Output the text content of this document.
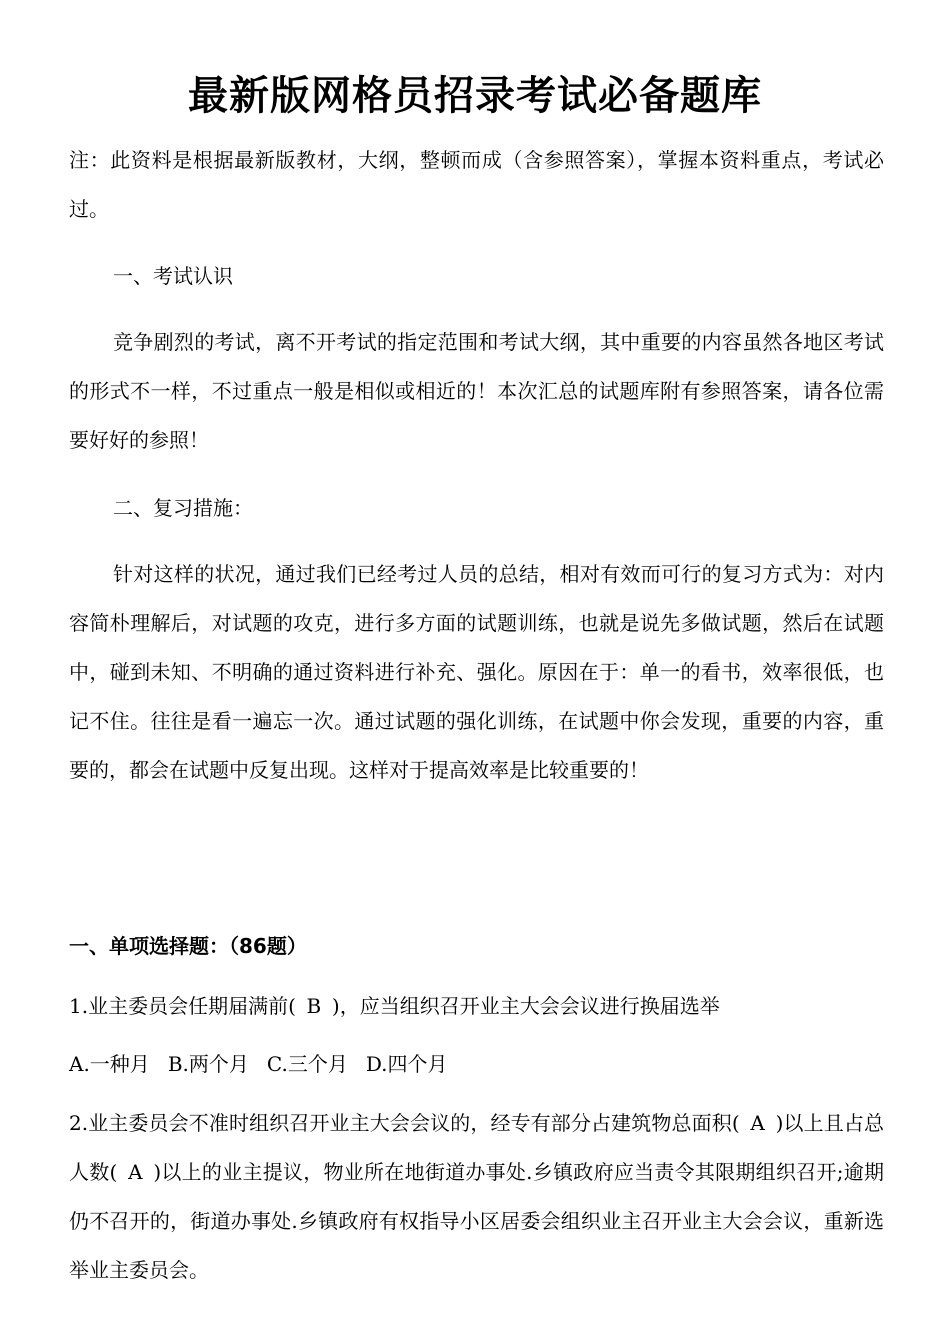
最新版网格员招录考试必备题库
注：此资料是根据最新版教材，大纲，整顿而成（含参照答案），掌握本资料重点，考试必过。
一、考试认识
竞争剧烈的考试，离不开考试的指定范围和考试大纲，其中重要的内容虽然各地区考试的形式不一样，不过重点一般是相似或相近的！本次汇总的试题库附有参照答案，请各位需要好好的参照！
二、复习措施：
针对这样的状况，通过我们已经考过人员的总结，相对有效而可行的复习方式为：对内容简朴理解后，对试题的攻克，进行多方面的试题训练，也就是说先多做试题，然后在试题中，碰到未知、不明确的通过资料进行补充、强化。原因在于：单一的看书，效率很低，也记不住。往往是看一遍忘一次。通过试题的强化训练，在试题中你会发现，重要的内容，重要的，都会在试题中反复出现。这样对于提高效率是比较重要的！
一、单项选择题：（86题）
1.业主委员会任期届满前( B )，应当组织召开业主大会会议进行换届选举
A.一种月 B.两个月 C.三个月 D.四个月
2.业主委员会不准时组织召开业主大会会议的，经专有部分占建筑物总面积( A )以上且占总人数( A )以上的业主提议，物业所在地街道办事处.乡镇政府应当责令其限期组织召开;逾期仍不召开的，街道办事处.乡镇政府有权指导小区居委会组织业主召开业主大会会议，重新选举业主委员会。
